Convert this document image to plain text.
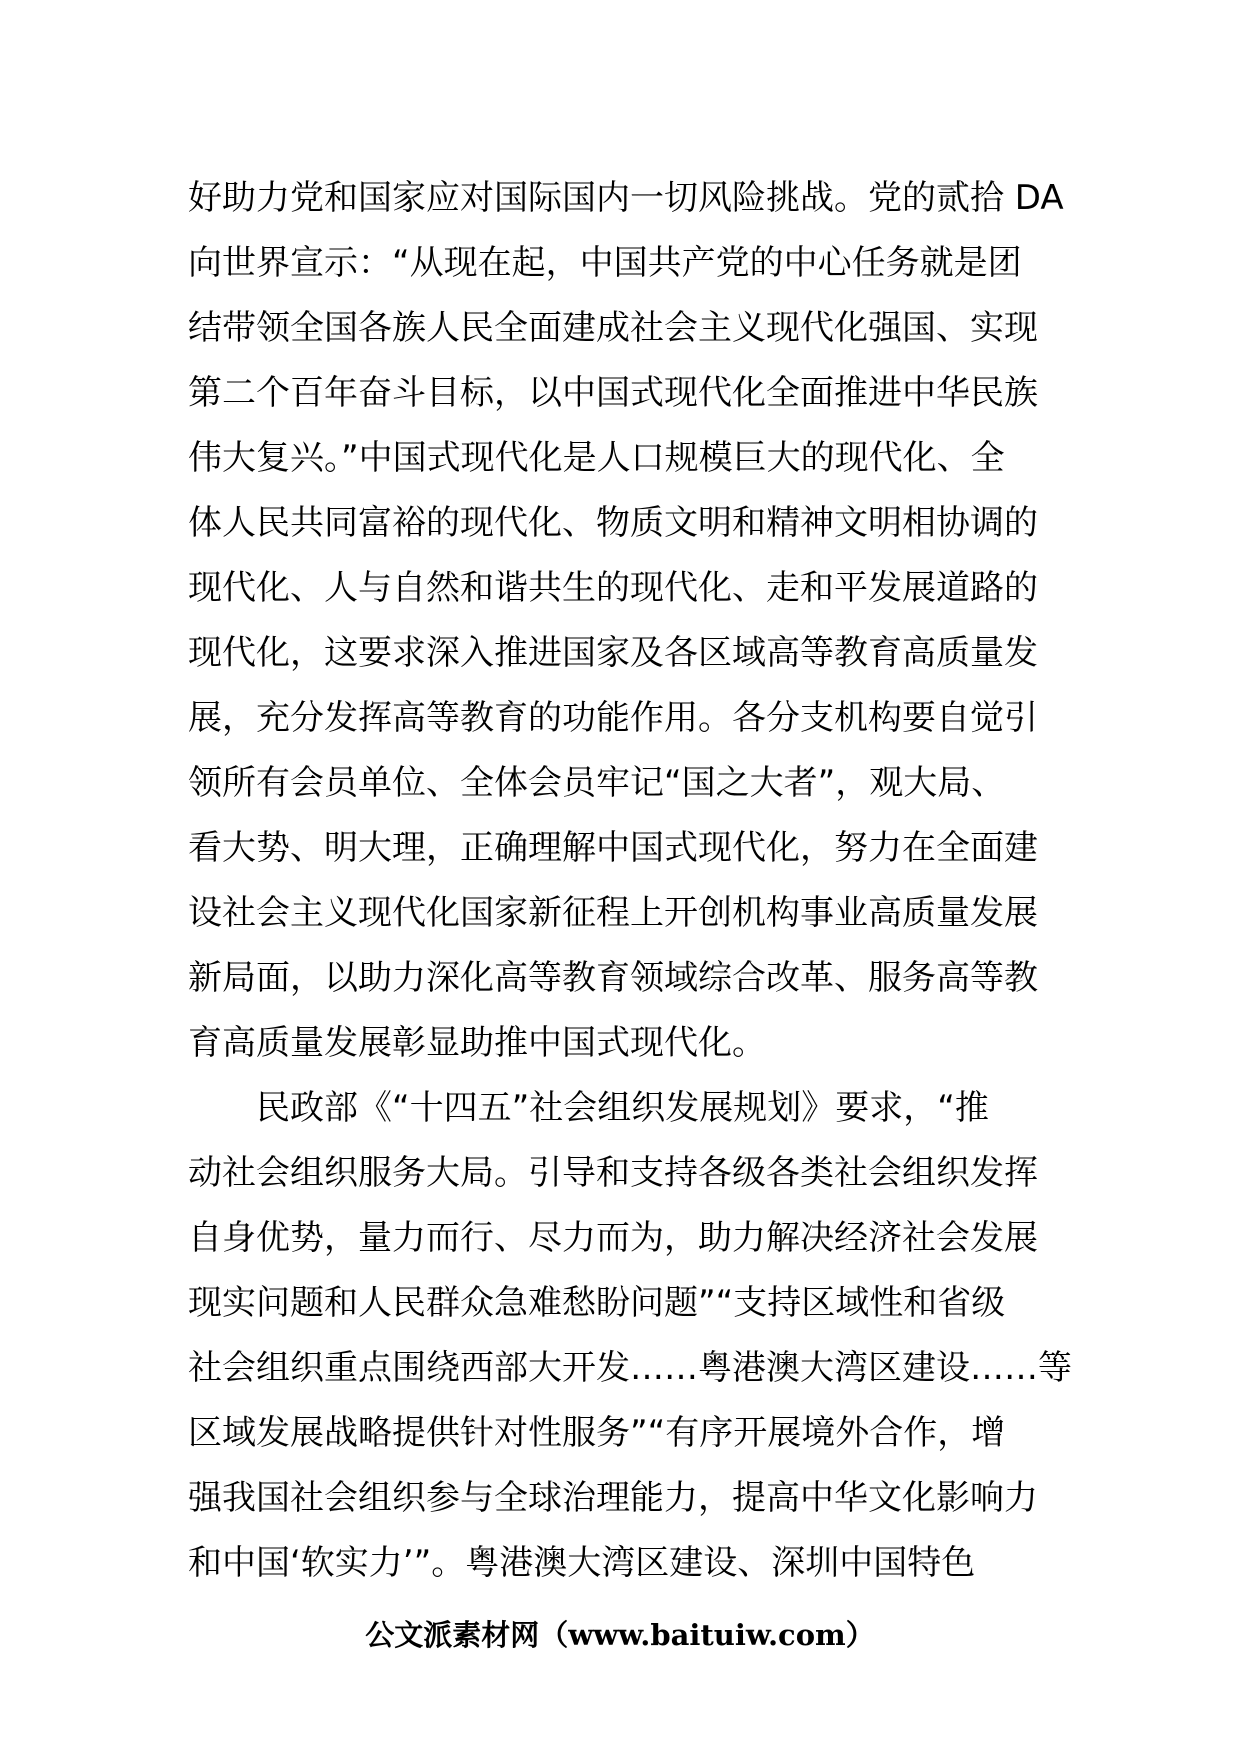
好助力党和国家应对国际国内一切风险挑战。党的贰拾 DA
向世界宣示：“从现在起，中国共产党的中心任务就是团
结带领全国各族人民全面建成社会主义现代化强国、实现
第二个百年奋斗目标，以中国式现代化全面推进中华民族
伟大复兴。”中国式现代化是人口规模巨大的现代化、全
体人民共同富裕的现代化、物质文明和精神文明相协调的
现代化、人与自然和谐共生的现代化、走和平发展道路的
现代化，这要求深入推进国家及各区域高等教育高质量发
展，充分发挥高等教育的功能作用。各分支机构要自觉引
领所有会员单位、全体会员牢记“国之大者”，观大局、
看大势、明大理，正确理解中国式现代化，努力在全面建
设社会主义现代化国家新征程上开创机构事业高质量发展
新局面，以助力深化高等教育领域综合改革、服务高等教
育高质量发展彰显助推中国式现代化。
民政部《“十四五”社会组织发展规划》要求，“推
动社会组织服务大局。引导和支持各级各类社会组织发挥
自身优势，量力而行、尽力而为，助力解决经济社会发展
现实问题和人民群众急难愁盼问题”“支持区域性和省级
社会组织重点围绕西部大开发……粤港澳大湾区建设……等
区域发展战略提供针对性服务”“有序开展境外合作，增
强我国社会组织参与全球治理能力，提高中华文化影响力
和中国‘软实力’”。粤港澳大湾区建设、深圳中国特色
公文派素材网（www.baituiw.com）
